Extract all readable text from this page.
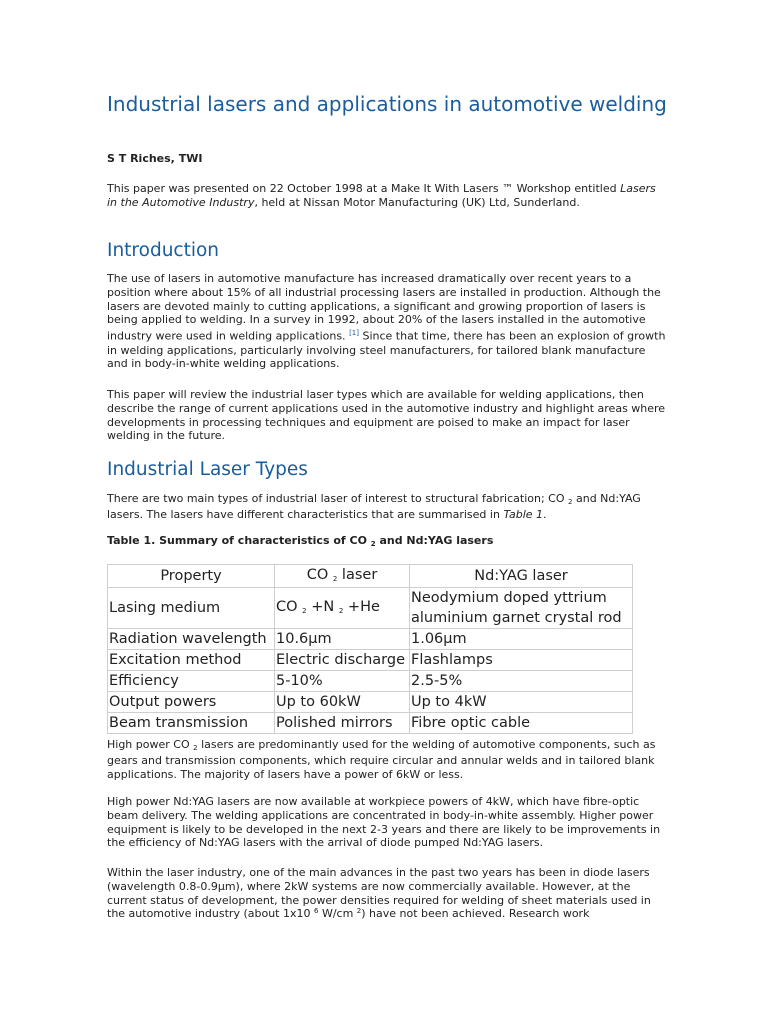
Industrial lasers and applications in automotive welding

S T Riches, TWI

This paper was presented on 22 October 1998 at a Make It With Lasers ™ Workshop entitled Lasers in the Automotive Industry, held at Nissan Motor Manufacturing (UK) Ltd, Sunderland.

Introduction

The use of lasers in automotive manufacture has increased dramatically over recent years to a position where about 15% of all industrial processing lasers are installed in production. Although the lasers are devoted mainly to cutting applications, a significant and growing proportion of lasers is being applied to welding. In a survey in 1992, about 20% of the lasers installed in the automotive industry were used in welding applications. [1] Since that time, there has been an explosion of growth in welding applications, particularly involving steel manufacturers, for tailored blank manufacture and in body-in-white welding applications.

This paper will review the industrial laser types which are available for welding applications, then describe the range of current applications used in the automotive industry and highlight areas where developments in processing techniques and equipment are poised to make an impact for laser welding in the future.

Industrial Laser Types

There are two main types of industrial laser of interest to structural fabrication; CO $_2$ and Nd:YAG lasers. The lasers have different characteristics that are summarised in Table 1.

Table 1. Summary of characteristics of CO $_2$ and Nd:YAG lasers

Property	CO $_2$ laser	Nd:YAG laser
Lasing medium	CO $_2$ +N $_2$ +He	Neodymium doped yttrium aluminium garnet crystal rod
Radiation wavelength	10.6µm	1.06µm
Excitation method	Electric discharge	Flashlamps
Efficiency	5-10%	2.5-5%
Output powers	Up to 60kW	Up to 4kW
Beam transmission	Polished mirrors	Fibre optic cable

High power CO $_2$ lasers are predominantly used for the welding of automotive components, such as gears and transmission components, which require circular and annular welds and in tailored blank applications. The majority of lasers have a power of 6kW or less.

High power Nd:YAG lasers are now available at workpiece powers of 4kW, which have fibre-optic beam delivery. The welding applications are concentrated in body-in-white assembly. Higher power equipment is likely to be developed in the next 2-3 years and there are likely to be improvements in the efficiency of Nd:YAG lasers with the arrival of diode pumped Nd:YAG lasers.

Within the laser industry, one of the main advances in the past two years has been in diode lasers (wavelength 0.8-0.9µm), where 2kW systems are now commercially available. However, at the current status of development, the power densities required for welding of sheet materials used in the automotive industry (about 1x10 $^6$ W/cm $^2$) have not been achieved. Research work
